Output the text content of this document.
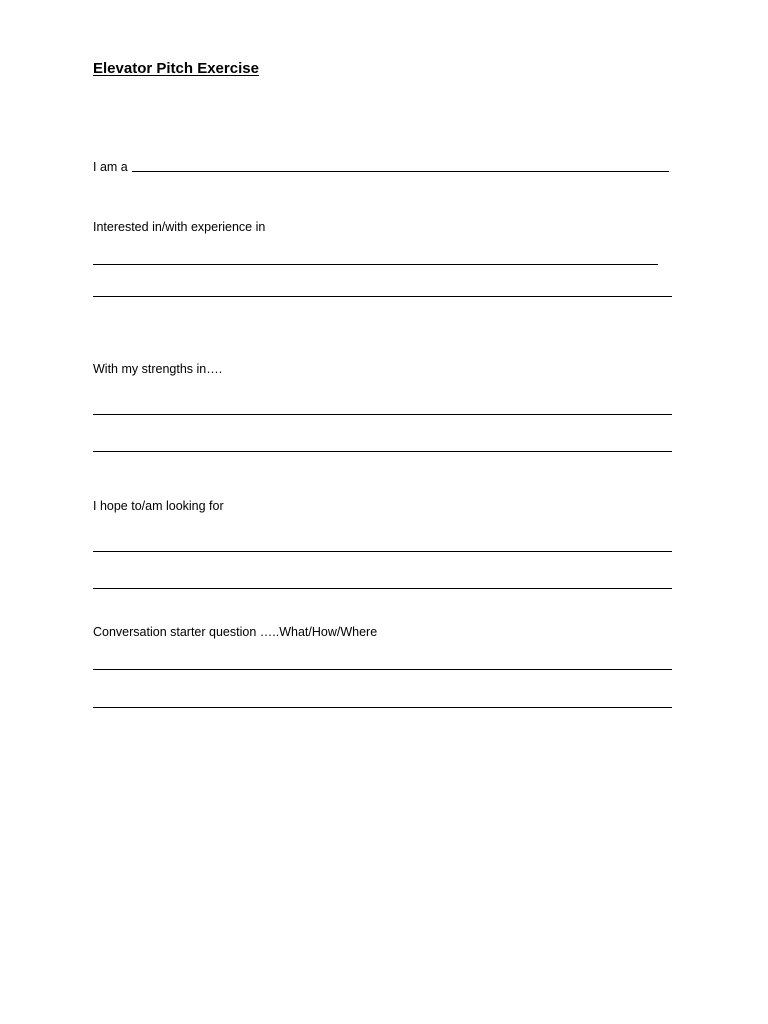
Elevator Pitch Exercise
I am a
Interested in/with experience in
With my strengths in….
I hope to/am looking for
Conversation starter question …..What/How/Where
